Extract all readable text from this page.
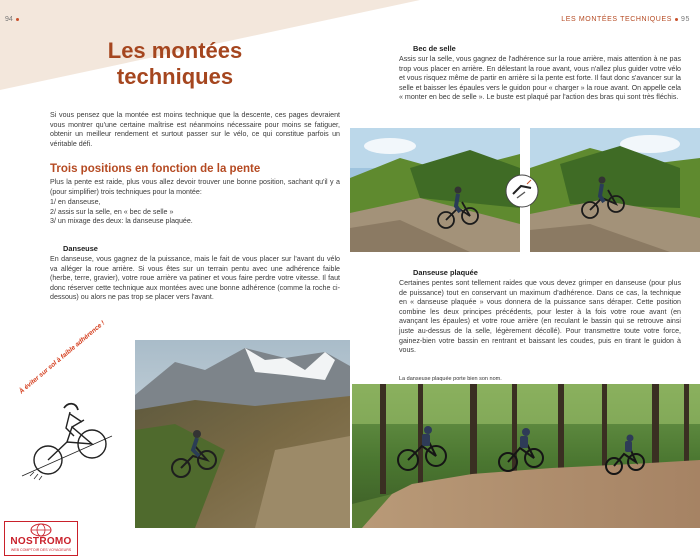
94
Les montées
techniques
Si vous pensez que la montée est moins technique que la descente, ces pages devraient vous montrer qu'une certaine maîtrise est néanmoins nécessaire pour moins se fatiguer, obtenir un meilleur rendement et surtout passer sur le vélo, ce qui constitue parfois un véritable défi.
Trois positions en fonction de la pente
Plus la pente est raide, plus vous allez devoir trouver une bonne position, sachant qu'il y a (pour simplifier) trois techniques pour la montée:
1/ en danseuse,
2/ assis sur la selle, en « bec de selle »
3/ un mixage des deux: la danseuse plaquée.
Danseuse
En danseuse, vous gagnez de la puissance, mais le fait de vous placer sur l'avant du vélo va alléger la roue arrière. Si vous êtes sur un terrain pentu avec une adhérence faible (herbe, terre, gravier), votre roue arrière va patiner et vous faire perdre votre vitesse. Il faut donc réserver cette technique aux montées avec une bonne adhérence (comme la roche ci-dessous) ou alors ne pas trop se placer vers l'avant.
À éviter sur sol à faible adhérence !
NOSTROMO
WEB COMPTOIR DES VOYAGEURS
LES MONTÉES TECHNIQUES 95
Bec de selle
Assis sur la selle, vous gagnez de l'adhérence sur la roue arrière, mais attention à ne pas trop vous placer en arrière. En délestant la roue avant, vous n'allez plus guider votre vélo et vous risquez même de partir en arrière si la pente est forte. Il faut donc s'avancer sur la selle et baisser les épaules vers le guidon pour « charger » la roue avant. On appelle cela « monter en bec de selle ». Le buste est plaqué par l'action des bras qui sont très fléchis.
Danseuse plaquée
Certaines pentes sont tellement raides que vous devez grimper en danseuse (pour plus de puissance) tout en conservant un maximum d'adhérence. Dans ce cas, la technique en « danseuse plaquée » vous donnera de la puissance sans déraper. Cette position combine les deux principes précédents, pour lester à la fois votre roue avant (en avançant les épaules) et votre roue arrière (en reculant le bassin qui se retrouve ainsi juste au-dessus de la selle, légèrement décollé). Pour transmettre toute votre force, gainez-bien votre bassin en rentrant et baissant les coudes, puis en tirant le guidon à vous.
La danseuse plaquée porte bien son nom.
